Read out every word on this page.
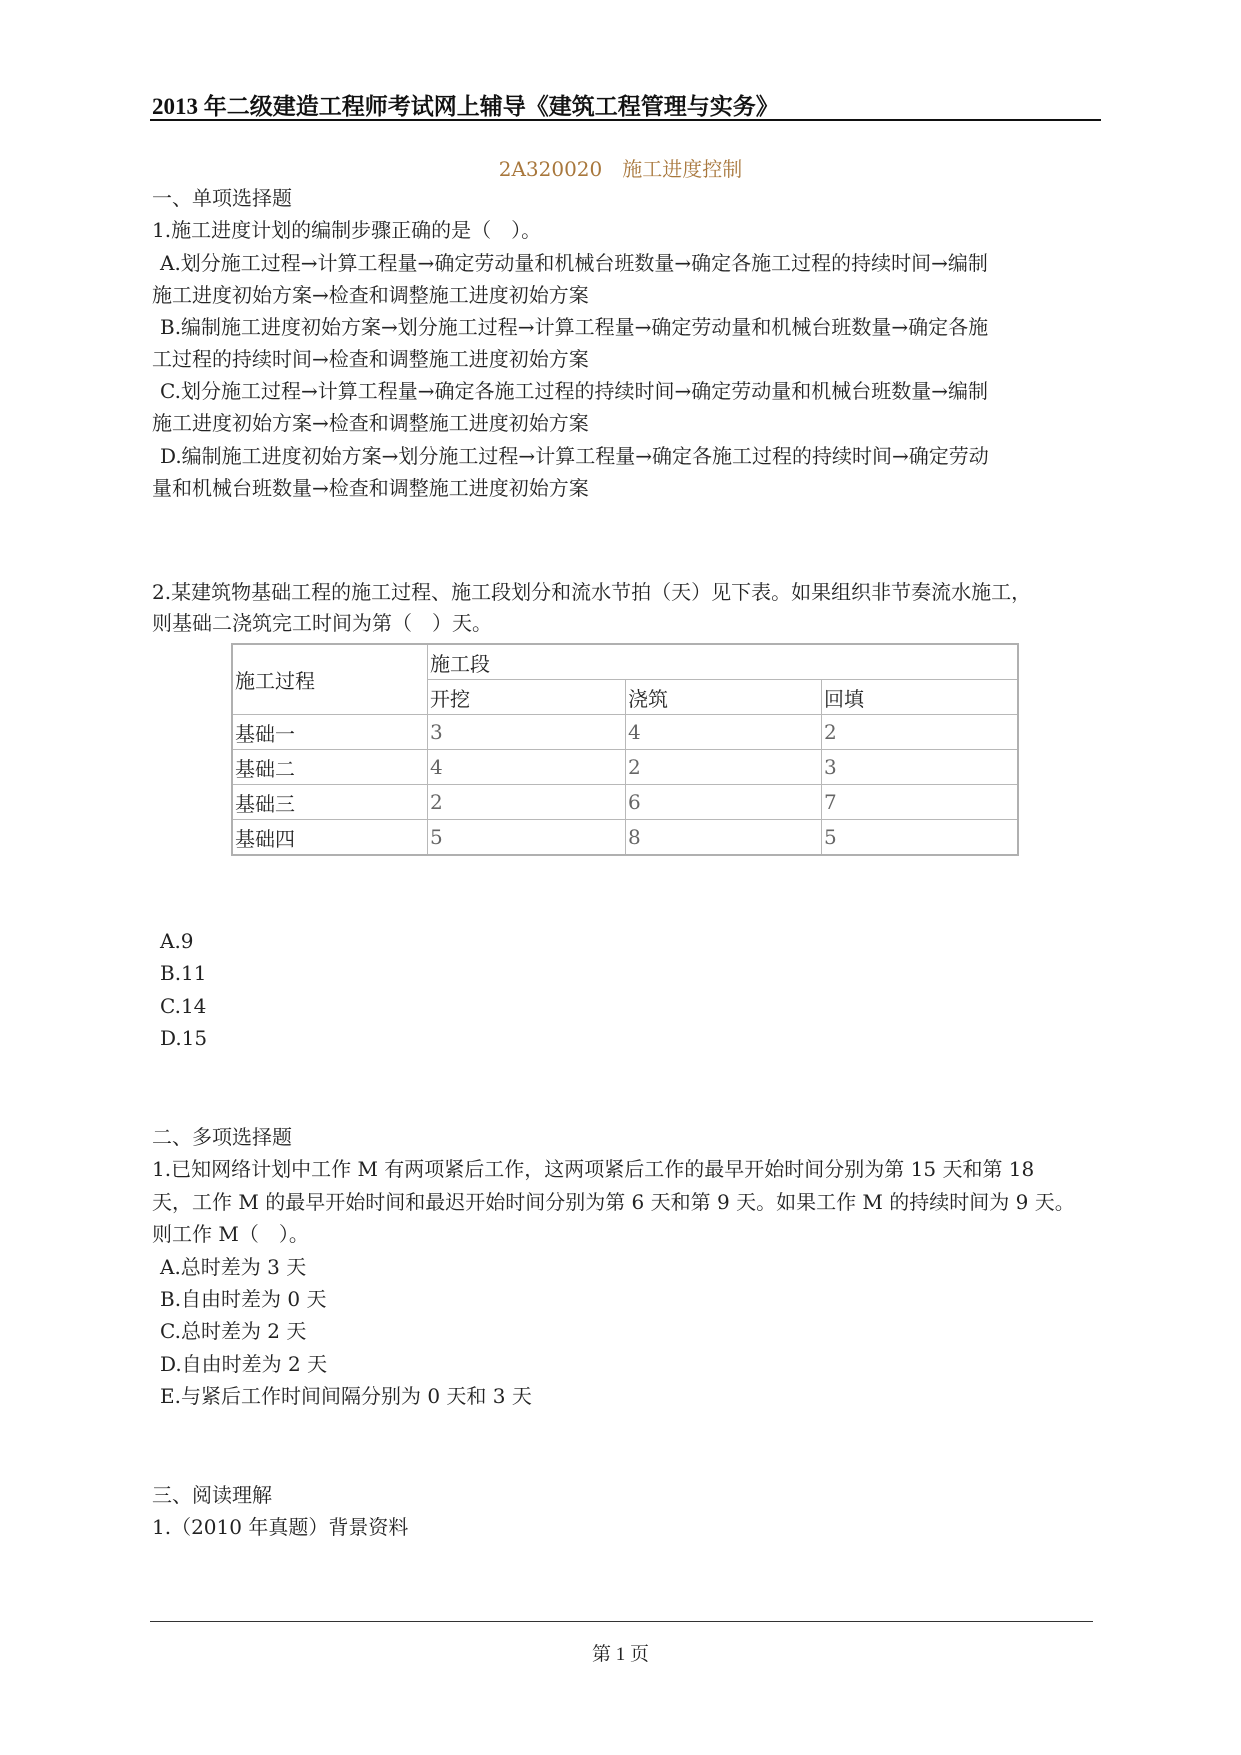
2013 年二级建造工程师考试网上辅导《建筑工程管理与实务》
2A320020　施工进度控制
一、单项选择题
1.施工进度计划的编制步骤正确的是（　）。
A.划分施工过程→计算工程量→确定劳动量和机械台班数量→确定各施工过程的持续时间→编制
施工进度初始方案→检查和调整施工进度初始方案
B.编制施工进度初始方案→划分施工过程→计算工程量→确定劳动量和机械台班数量→确定各施
工过程的持续时间→检查和调整施工进度初始方案
C.划分施工过程→计算工程量→确定各施工过程的持续时间→确定劳动量和机械台班数量→编制
施工进度初始方案→检查和调整施工进度初始方案
D.编制施工进度初始方案→划分施工过程→计算工程量→确定各施工过程的持续时间→确定劳动
量和机械台班数量→检查和调整施工进度初始方案
2.某建筑物基础工程的施工过程、施工段划分和流水节拍（天）见下表。如果组织非节奏流水施工，
则基础二浇筑完工时间为第（　）天。
施工过程	施工段		
	开挖	浇筑	回填
基础一	3	4	2
基础二	4	2	3
基础三	2	6	7
基础四	5	8	5
A.9
B.11
C.14
D.15
二、多项选择题
1.已知网络计划中工作 M 有两项紧后工作，这两项紧后工作的最早开始时间分别为第 15 天和第 18
天，工作 M 的最早开始时间和最迟开始时间分别为第 6 天和第 9 天。如果工作 M 的持续时间为 9 天。
则工作 M（　）。
A.总时差为 3 天
B.自由时差为 0 天
C.总时差为 2 天
D.自由时差为 2 天
E.与紧后工作时间间隔分别为 0 天和 3 天
三、阅读理解
1.（2010 年真题）背景资料
第 1 页
